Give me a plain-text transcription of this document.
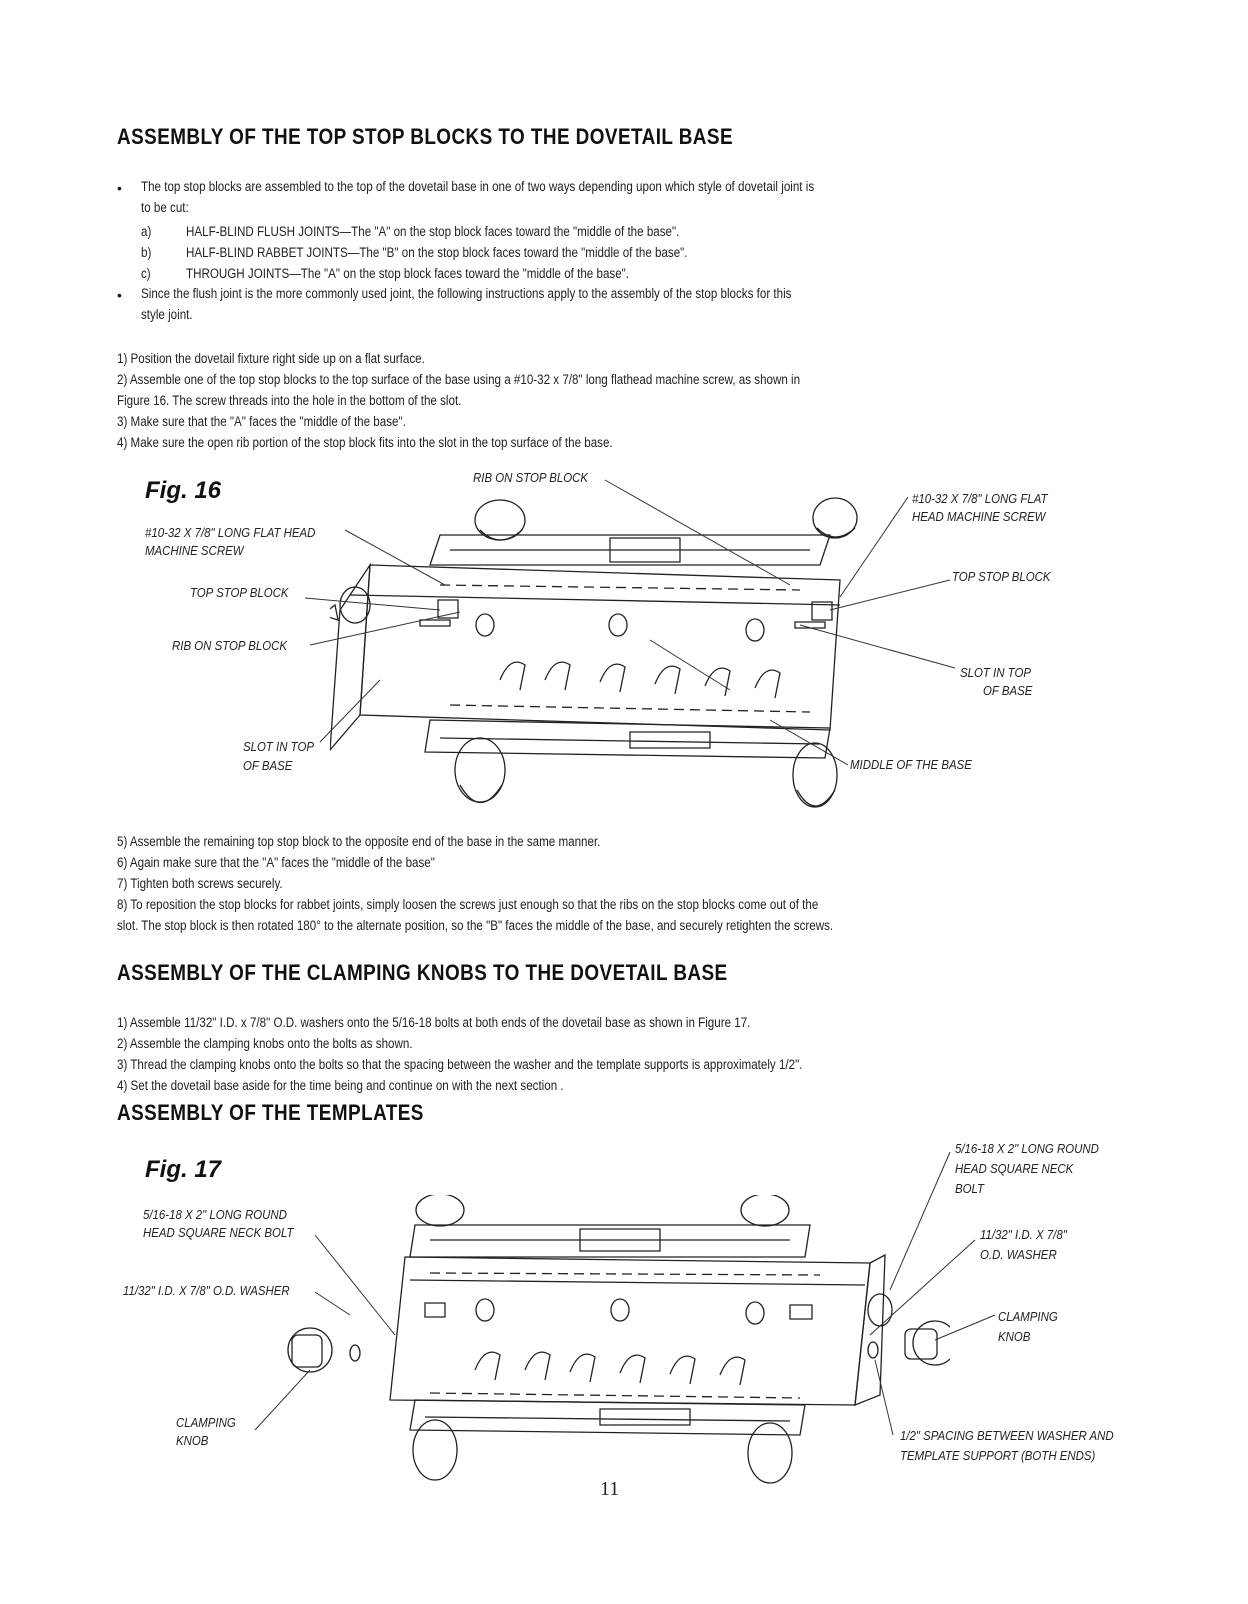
ASSEMBLY OF THE TOP STOP BLOCKS TO THE DOVETAIL BASE
• The top stop blocks are assembled to the top of the dovetail base in one of two ways depending upon which style of dovetail joint is
to be cut:
a)	HALF-BLIND FLUSH JOINTS—The "A" on the stop block faces toward the "middle of the base".
b)	HALF-BLIND RABBET JOINTS—The "B" on the stop block faces toward the "middle of the base".
c)	THROUGH JOINTS—The "A" on the stop block faces toward the "middle of the base".
• Since the flush joint is the more commonly used joint, the following instructions apply to the assembly of the stop blocks for this
style joint.
1) Position the dovetail fixture right side up on a flat surface.
2) Assemble one of the top stop blocks to the top surface of the base using a #10-32 x 7/8" long flathead machine screw, as shown in
Figure 16. The screw threads into the hole in the bottom of the slot.
3) Make sure that the "A" faces the "middle of the base".
4) Make sure the open rib portion of the stop block fits into the slot in the top surface of the base.
Fig. 16	RIB ON STOP BLOCK
#10-32 X 7/8" LONG FLAT
HEAD MACHINE SCREW
#10-32 X 7/8" LONG FLAT HEAD
MACHINE SCREW
TOP STOP BLOCK
TOP STOP BLOCK
RIB ON STOP BLOCK
SLOT IN TOP
OF BASE
SLOT IN TOP
OF BASE	MIDDLE OF THE BASE
5) Assemble the remaining top stop block to the opposite end of the base in the same manner.
6) Again make sure that the "A" faces the "middle of the base"
7) Tighten both screws securely.
8) To reposition the stop blocks for rabbet joints, simply loosen the screws just enough so that the ribs on the stop blocks come out of the
slot. The stop block is then rotated 180° to the alternate position, so the "B" faces the middle of the base, and securely retighten the screws.
ASSEMBLY OF THE CLAMPING KNOBS TO THE DOVETAIL BASE
1) Assemble 11/32" I.D. x 7/8" O.D. washers onto the 5/16-18 bolts at both ends of the dovetail base as shown in Figure 17.
2) Assemble the clamping knobs onto the bolts as shown.
3) Thread the clamping knobs onto the bolts so that the spacing between the washer and the template supports is approximately 1/2".
4) Set the dovetail base aside for the time being and continue on with the next section .
ASSEMBLY OF THE TEMPLATES
Fig. 17
5/16-18 X 2" LONG ROUND
HEAD SQUARE NECK
BOLT
5/16-18 X 2" LONG ROUND
HEAD SQUARE NECK BOLT	11/32" I.D. X 7/8"
O.D. WASHER
11/32" I.D. X 7/8" O.D. WASHER
CLAMPING
KNOB
CLAMPING
KNOB	1/2" SPACING BETWEEN WASHER AND
TEMPLATE SUPPORT (BOTH ENDS)
11
